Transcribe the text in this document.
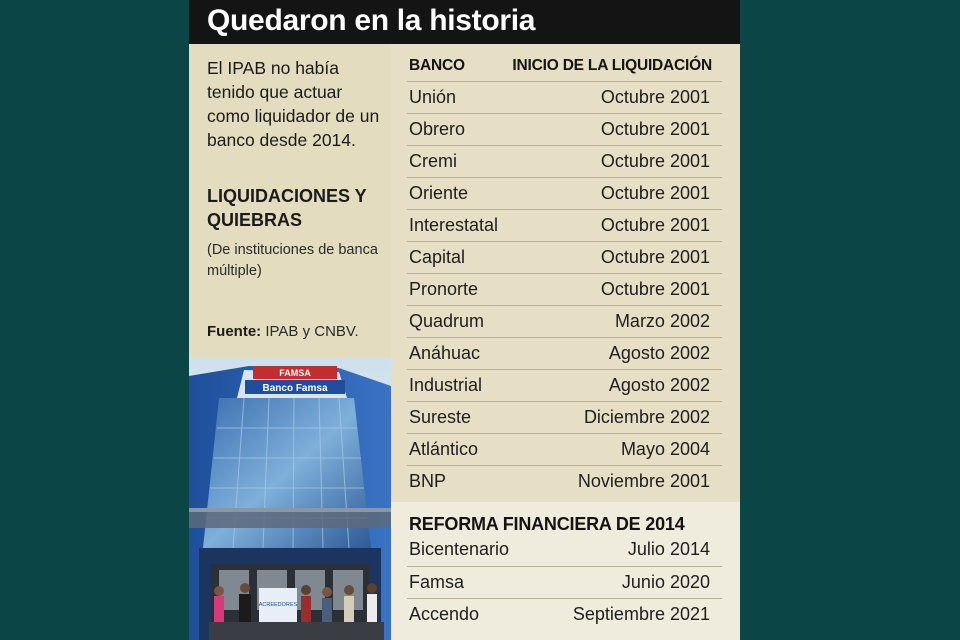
Quedaron en la historia
El IPAB no había tenido que actuar como liquidador de un banco desde 2014.
LIQUIDACIONES Y QUIEBRAS
(De instituciones de banca múltiple)
Fuente: IPAB y CNBV.
FAMSA
Banco Famsa
ACREEDORES
BANCO	INICIO DE LA LIQUIDACIÓN
Unión	Octubre 2001
Obrero	Octubre 2001
Cremi	Octubre 2001
Oriente	Octubre 2001
Interestatal	Octubre 2001
Capital	Octubre 2001
Pronorte	Octubre 2001
Quadrum	Marzo 2002
Anáhuac	Agosto 2002
Industrial	Agosto 2002
Sureste	Diciembre 2002
Atlántico	Mayo 2004
BNP	Noviembre 2001
REFORMA FINANCIERA DE 2014
Bicentenario	Julio 2014
Famsa	Junio 2020
Accendo	Septiembre 2021
